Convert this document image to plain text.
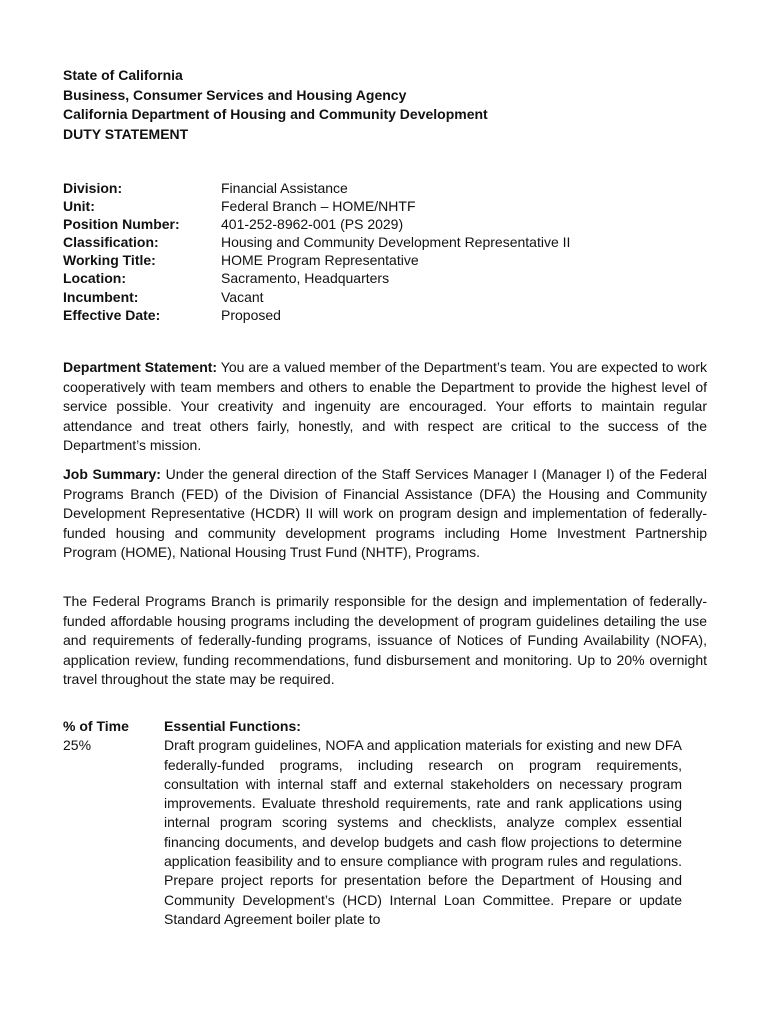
State of California
Business, Consumer Services and Housing Agency
California Department of Housing and Community Development
DUTY STATEMENT
Division:	Financial Assistance
Unit:	Federal Branch – HOME/NHTF
Position Number:	401-252-8962-001 (PS 2029)
Classification:	Housing and Community Development Representative II
Working Title:	HOME Program Representative
Location:	Sacramento, Headquarters
Incumbent:	Vacant
Effective Date:	Proposed
Department Statement: You are a valued member of the Department’s team. You are expected to work cooperatively with team members and others to enable the Department to provide the highest level of service possible. Your creativity and ingenuity are encouraged. Your efforts to maintain regular attendance and treat others fairly, honestly, and with respect are critical to the success of the Department’s mission.
Job Summary: Under the general direction of the Staff Services Manager I (Manager I) of the Federal Programs Branch (FED) of the Division of Financial Assistance (DFA) the Housing and Community Development Representative (HCDR) II will work on program design and implementation of federally-funded housing and community development programs including Home Investment Partnership Program (HOME), National Housing Trust Fund (NHTF), Programs.
The Federal Programs Branch is primarily responsible for the design and implementation of federally-funded affordable housing programs including the development of program guidelines detailing the use and requirements of federally-funding programs, issuance of Notices of Funding Availability (NOFA), application review, funding recommendations, fund disbursement and monitoring. Up to 20% overnight travel throughout the state may be required.
% of Time	Essential Functions:
25%	Draft program guidelines, NOFA and application materials for existing and new DFA federally-funded programs, including research on program requirements, consultation with internal staff and external stakeholders on necessary program improvements. Evaluate threshold requirements, rate and rank applications using internal program scoring systems and checklists, analyze complex essential financing documents, and develop budgets and cash flow projections to determine application feasibility and to ensure compliance with program rules and regulations. Prepare project reports for presentation before the Department of Housing and Community Development’s (HCD) Internal Loan Committee. Prepare or update Standard Agreement boiler plate to
